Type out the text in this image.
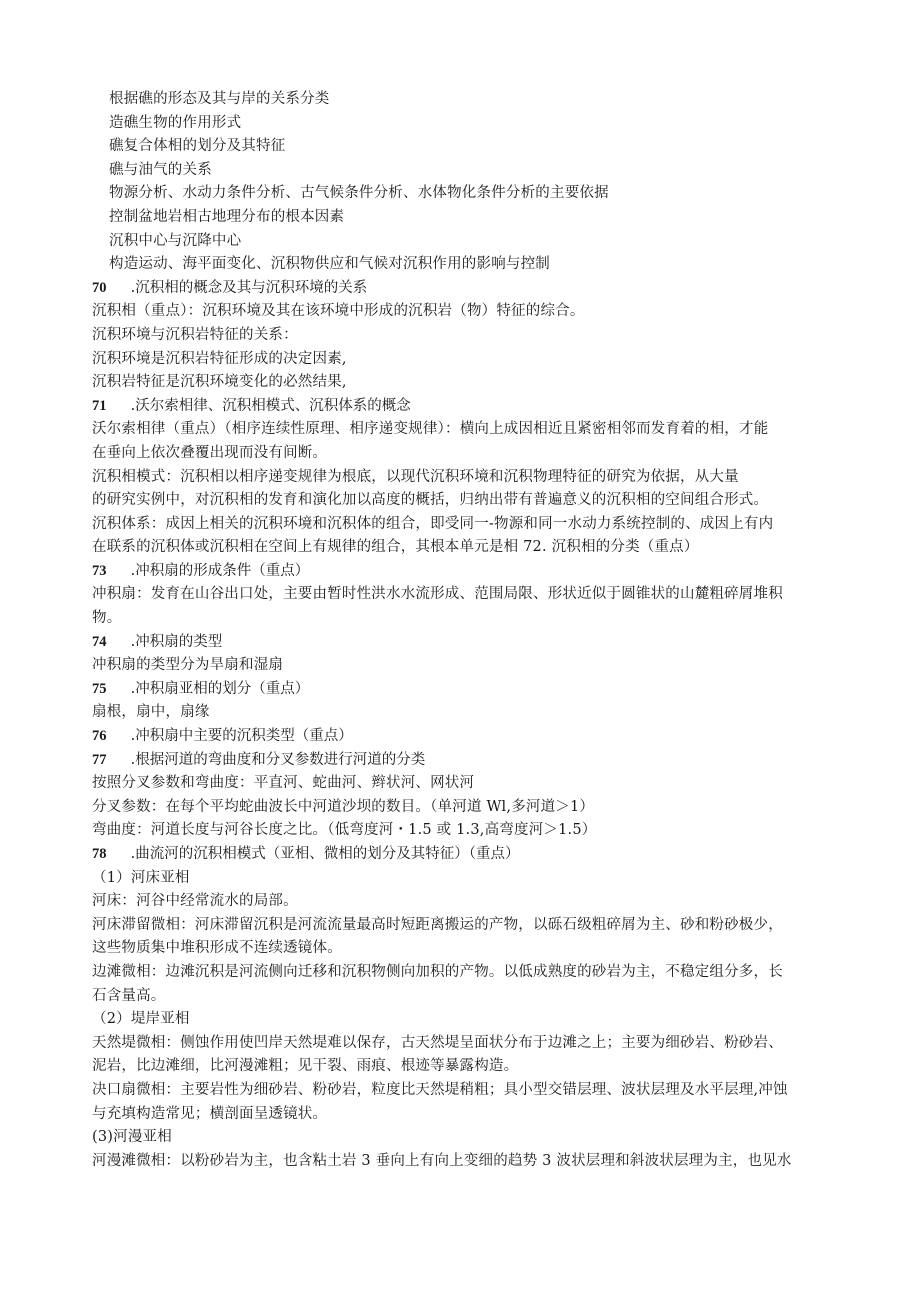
根据礁的形态及其与岸的关系分类
造礁生物的作用形式
礁复合体相的划分及其特征
礁与油气的关系
物源分析、水动力条件分析、古气候条件分析、水体物化条件分析的主要依据
控制盆地岩相古地理分布的根本因素
沉积中心与沉降中心
构造运动、海平面变化、沉积物供应和气候对沉积作用的影响与控制
70 .沉积相的概念及其与沉积环境的关系
沉积相（重点）：沉积环境及其在该环境中形成的沉积岩（物）特征的综合。
沉积环境与沉积岩特征的关系：
沉积环境是沉积岩特征形成的决定因素,
沉积岩特征是沉积环境变化的必然结果,
71 .沃尔索相律、沉积相模式、沉积体系的概念
沃尔索相律（重点）（相序连续性原理、相序递变规律）：横向上成因相近且紧密相邻而发育着的相，才能
在垂向上依次叠覆出现而没有间断。
沉积相模式：沉积相以相序递变规律为根底，以现代沉积环境和沉积物理特征的研究为依据，从大量
的研究实例中，对沉积相的发育和演化加以高度的概括，归纳出带有普遍意义的沉积相的空间组合形式。
沉积体系：成因上相关的沉积环境和沉积体的组合，即受同一-物源和同一水动力系统控制的、成因上有内
在联系的沉积体或沉积相在空间上有规律的组合，其根本单元是相 72. 沉积相的分类（重点）
73 .冲积扇的形成条件（重点）
冲积扇：发育在山谷出口处，主要由暂时性洪水水流形成、范围局限、形状近似于圆锥状的山麓粗碎屑堆积
物。
74 .冲积扇的类型
冲积扇的类型分为旱扇和湿扇
75 .冲积扇亚相的划分（重点）
扇根，扇中，扇缘
76 .冲积扇中主要的沉积类型（重点）
77 .根据河道的弯曲度和分叉参数进行河道的分类
按照分叉参数和弯曲度：平直河、蛇曲河、辫状河、网状河
分叉参数：在每个平均蛇曲波长中河道沙坝的数目。（单河道 Wl,多河道＞1）
弯曲度：河道长度与河谷长度之比。（低弯度河・1.5 或 1.3,高弯度河＞1.5）
78 .曲流河的沉积相模式（亚相、微相的划分及其特征）（重点）
（1）河床亚相
河床：河谷中经常流水的局部。
河床滞留微相：河床滞留沉积是河流流量最高时短距离搬运的产物，以砾石级粗碎屑为主、砂和粉砂极少，
这些物质集中堆积形成不连续透镜体。
边滩微相：边滩沉积是河流侧向迁移和沉积物侧向加积的产物。以低成熟度的砂岩为主，不稳定组分多，长
石含量高。
（2）堤岸亚相
天然堤微相：侧蚀作用使凹岸天然堤难以保存，古天然堤呈面状分布于边滩之上；主要为细砂岩、粉砂岩、
泥岩，比边滩细，比河漫滩粗；见干裂、雨痕、根迹等暴露构造。
决口扇微相：主要岩性为细砂岩、粉砂岩，粒度比天然堤稍粗；具小型交错层理、波状层理及水平层理,冲蚀
与充填构造常见；横剖面呈透镜状。
(3)河漫亚相
河漫滩微相：以粉砂岩为主，也含粘土岩 3 垂向上有向上变细的趋势 3 波状层理和斜波状层理为主，也见水
